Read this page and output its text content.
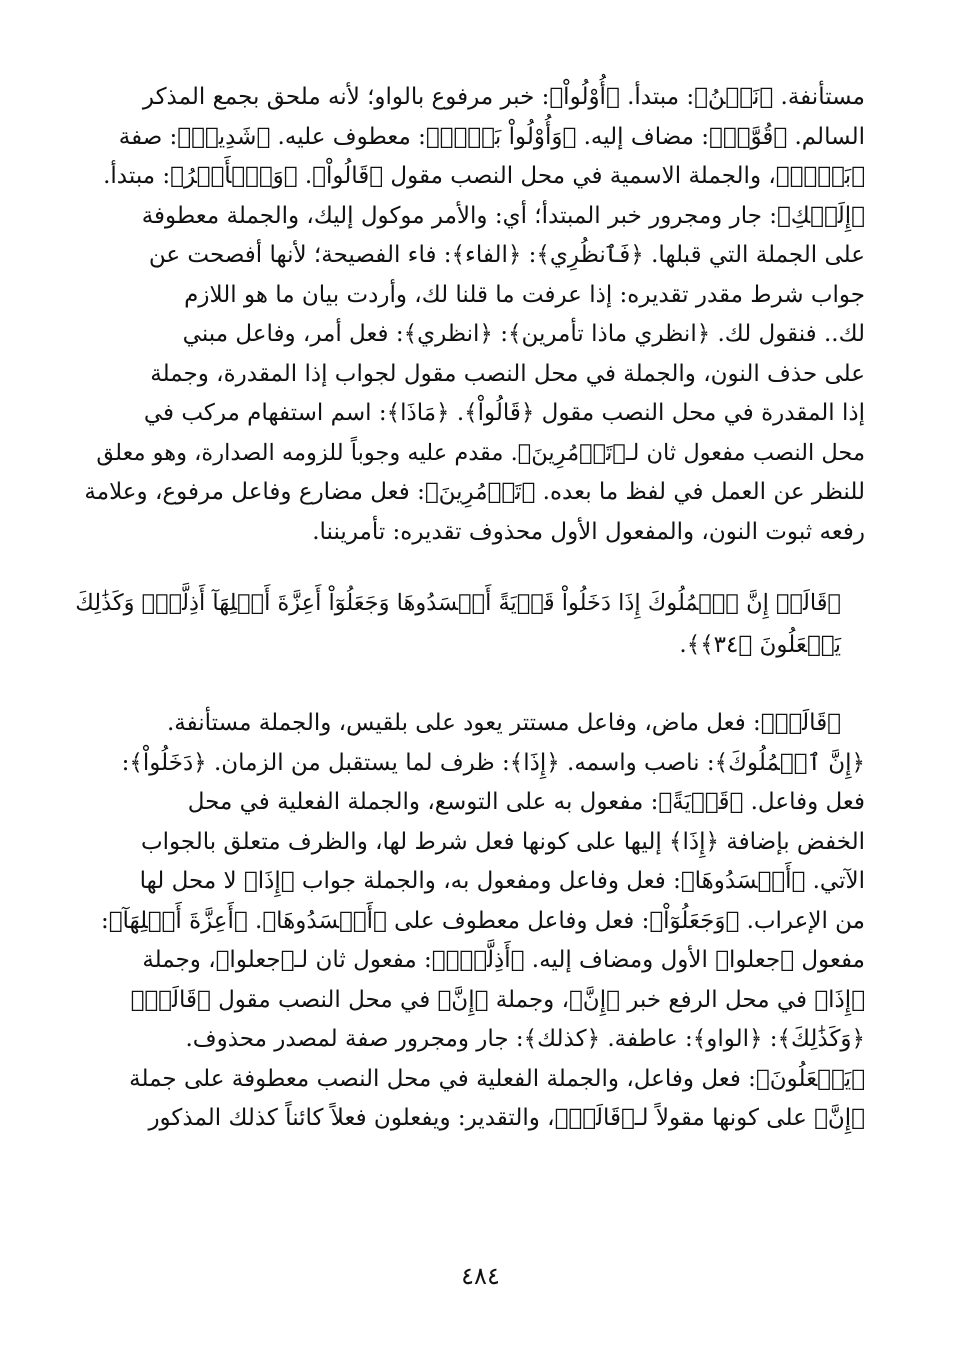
مستأنفة. ﴿نَحۡنُ﴾: مبتدأ. ﴿أُوْلُواْ﴾: خبر مرفوع بالواو؛ لأنه ملحق بجمع المذكر
السالم. ﴿قُوَّةٖ﴾: مضاف إليه. ﴿وَأُوْلُواْ بَأۡسٖ﴾: معطوف عليه. ﴿شَدِيدٖ﴾: صفة
﴿بَأۡسٖ﴾، والجملة الاسمية في محل النصب مقول ﴿قَالُواْ﴾. ﴿وَٱلۡأَمۡرُ﴾: مبتدأ.
﴿إِلَيۡكِ﴾: جار ومجرور خبر المبتدأ؛ أي: والأمر موكول إليك، والجملة معطوفة
على الجملة التي قبلها. ﴿فَٱنظُرِي﴾: ﴿الفاء﴾: فاء الفصيحة؛ لأنها أفصحت عن
جواب شرط مقدر تقديره: إذا عرفت ما قلنا لك، وأردت بيان ما هو اللازم
لك.. فنقول لك. ﴿انظري ماذا تأمرين﴾: ﴿انظري﴾: فعل أمر، وفاعل مبني
على حذف النون، والجملة في محل النصب مقول لجواب إذا المقدرة، وجملة
إذا المقدرة في محل النصب مقول ﴿قَالُواْ﴾. ﴿مَاذَا﴾: اسم استفهام مركب في
محل النصب مفعول ثان لـ﴿تَأۡمُرِينَ﴾. مقدم عليه وجوباً للزومه الصدارة، وهو معلق
للنظر عن العمل في لفظ ما بعده. ﴿تَأۡمُرِينَ﴾: فعل مضارع وفاعل مرفوع، وعلامة
رفعه ثبوت النون، والمفعول الأول محذوف تقديره: تأمريننا.

﴿قَالَتۡ إِنَّ ٱلۡمُلُوكَ إِذَا دَخَلُواْ قَرۡيَةً أَفۡسَدُوهَا وَجَعَلُوٓاْ أَعِزَّةَ أَهۡلِهَآ أَذِلَّةٗۚ وَكَذَٰلِكَ
يَفۡعَلُونَ ﴿٣٤﴾﴾.

﴿قَالَتۡ﴾: فعل ماض، وفاعل مستتر يعود على بلقيس، والجملة مستأنفة.
﴿إِنَّ ٱلۡمُلُوكَ﴾: ناصب واسمه. ﴿إِذَا﴾: ظرف لما يستقبل من الزمان. ﴿دَخَلُواْ﴾:
فعل وفاعل. ﴿قَرۡيَةً﴾: مفعول به على التوسع، والجملة الفعلية في محل
الخفض بإضافة ﴿إِذَا﴾ إليها على كونها فعل شرط لها، والظرف متعلق بالجواب
الآتي. ﴿أَفۡسَدُوهَا﴾: فعل وفاعل ومفعول به، والجملة جواب ﴿إِذَا﴾ لا محل لها
من الإعراب. ﴿وَجَعَلُوٓاْ﴾: فعل وفاعل معطوف على ﴿أَفۡسَدُوهَا﴾. ﴿أَعِزَّةَ أَهۡلِهَآ﴾:
مفعول ﴿جعلوا﴾ الأول ومضاف إليه. ﴿أَذِلَّةٗۚ﴾: مفعول ثان لـ﴿جعلوا﴾، وجملة
﴿إِذَا﴾ في محل الرفع خبر ﴿إِنَّ﴾، وجملة ﴿إِنَّ﴾ في محل النصب مقول ﴿قَالَتۡ﴾
﴿وَكَذَٰلِكَ﴾: ﴿الواو﴾: عاطفة. ﴿كذلك﴾: جار ومجرور صفة لمصدر محذوف.
﴿يَفۡعَلُونَ﴾: فعل وفاعل، والجملة الفعلية في محل النصب معطوفة على جملة
﴿إِنَّ﴾ على كونها مقولاً لـ﴿قَالَتۡ﴾، والتقدير: ويفعلون فعلاً كائناً كذلك المذكور

٤٨٤
